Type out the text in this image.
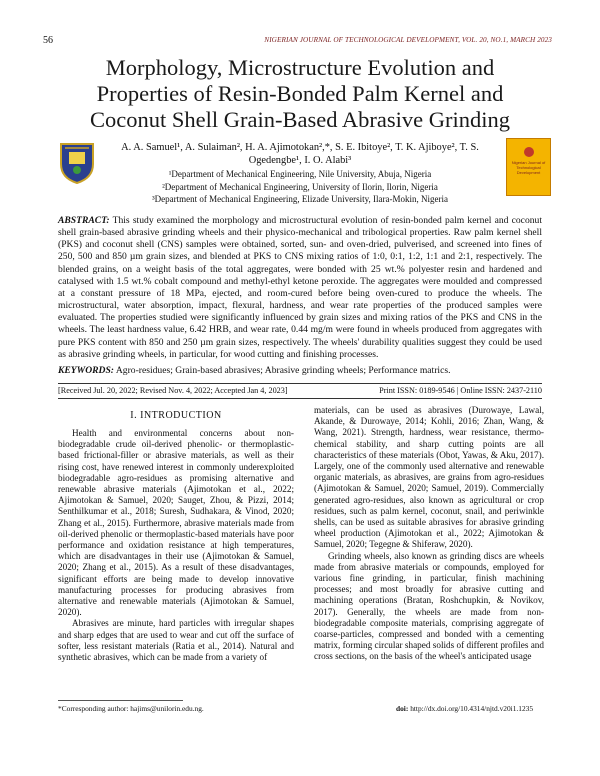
56	NIGERIAN JOURNAL OF TECHNOLOGICAL DEVELOPMENT, VOL. 20, NO.1, MARCH 2023
Morphology, Microstructure Evolution and
Properties of Resin-Bonded Palm Kernel and
Coconut Shell Grain-Based Abrasive Grinding
A. A. Samuel¹, A. Sulaiman², H. A. Ajimotokan²,*, S. E. Ibitoye², T. K. Ajiboye², T. S.
Ogedengbe¹, I. O. Alabi³
¹Department of Mechanical Engineering, Nile University, Abuja, Nigeria
²Department of Mechanical Engineering, University of Ilorin, Ilorin, Nigeria
³Department of Mechanical Engineering, Elizade University, Ilara-Mokin, Nigeria
Nigerian Journal of
Technological
Development
ABSTRACT: This study examined the morphology and microstructural evolution of resin-bonded palm kernel and coconut shell grain-based abrasive grinding wheels and their physico-mechanical and tribological properties. Raw palm kernel shell (PKS) and coconut shell (CNS) samples were obtained, sorted, sun- and oven-dried, pulverised, and screened into fines of 250, 500 and 850 µm grain sizes, and blended at PKS to CNS mixing ratios of 1:0, 0:1, 1:2, 1:1 and 2:1, respectively. The blended grains, on a weight basis of the total aggregates, were bonded with 25 wt.% polyester resin and hardened and catalysed with 1.5 wt.% cobalt compound and methyl-ethyl ketone peroxide. The aggregates were moulded and compressed at a constant pressure of 18 MPa, ejected, and room-cured before being oven-cured to produce the wheels. The microstructural, water absorption, impact, flexural, hardness, and wear rate properties of the produced samples were evaluated. The properties studied were significantly influenced by grain sizes and mixing ratios of the PKS and CNS in the wheels. The least hardness value, 6.42 HRB, and wear rate, 0.44 mg/m were found in wheels produced from aggregates with pure PKS content with 850 and 250 µm grain sizes, respectively. The wheels' durability qualities suggest they could be used as abrasive grinding wheels, in particular, for wood cutting and finishing processes.
KEYWORDS: Agro-residues; Grain-based abrasives; Abrasive grinding wheels; Performance matrics.
[Received Jul. 20, 2022; Revised Nov. 4, 2022; Accepted Jan 4, 2023]	Print ISSN: 0189-9546 | Online ISSN: 2437-2110
I. INTRODUCTION

Health and environmental concerns about non-biodegradable crude oil-derived phenolic- or thermoplastic-based frictional-filler or abrasive materials, as well as their rising cost, have renewed interest in commonly underexploited biodegradable agro-residues as promising alternative and renewable abrasive materials (Ajimotokan et al., 2022; Ajimotokan & Samuel, 2020; Sauget, Zhou, & Pizzi, 2014; Senthilkumar et al., 2018; Suresh, Sudhakara, & Vinod, 2020; Zhang et al., 2015). Furthermore, abrasive materials made from oil-derived phenolic or thermoplastic-based materials have poor performance and oxidation resistance at high temperatures, which are disadvantages in their use (Ajimotokan & Samuel, 2020; Zhang et al., 2015). As a result of these disadvantages, significant efforts are being made to develop innovative manufacturing processes for producing abrasives from alternative and renewable materials (Ajimotokan & Samuel, 2020).

Abrasives are minute, hard particles with irregular shapes and sharp edges that are used to wear and cut off the surface of softer, less resistant materials (Ratia et al., 2014). Natural and synthetic abrasives, which can be made from a variety of

materials, can be used as abrasives (Durowaye, Lawal, Akande, & Durowaye, 2014; Kohli, 2016; Zhan, Wang, & Wang, 2021). Strength, hardness, wear resistance, thermo-chemical stability, and sharp cutting points are all characteristics of these materials (Obot, Yawas, & Aku, 2017). Largely, one of the commonly used alternative and renewable organic materials, as abrasives, are grains from agro-residues (Ajimotokan & Samuel, 2020; Samuel, 2019). Commercially generated agro-residues, also known as agricultural or crop residues, such as palm kernel, coconut, snail, and periwinkle shells, can be used as suitable abrasives for abrasive grinding wheel production (Ajimotokan et al., 2022; Ajimotokan & Samuel, 2020; Tegegne & Shiferaw, 2020).

Grinding wheels, also known as grinding discs are wheels made from abrasive materials or compounds, employed for various fine grinding, in particular, finish machining processes; and most broadly for abrasive cutting and machining operations (Bratan, Roshchupkin, & Novikov, 2017). Generally, the wheels are made from non-biodegradable composite materials, comprising aggregate of coarse-particles, compressed and bonded with a cementing matrix, forming circular shaped solids of different profiles and cross sections, on the basis of the wheel's anticipated usage

*Corresponding author: hajims@unilorin.edu.ng.	doi: http://dx.doi.org/10.4314/njtd.v20i1.1235
